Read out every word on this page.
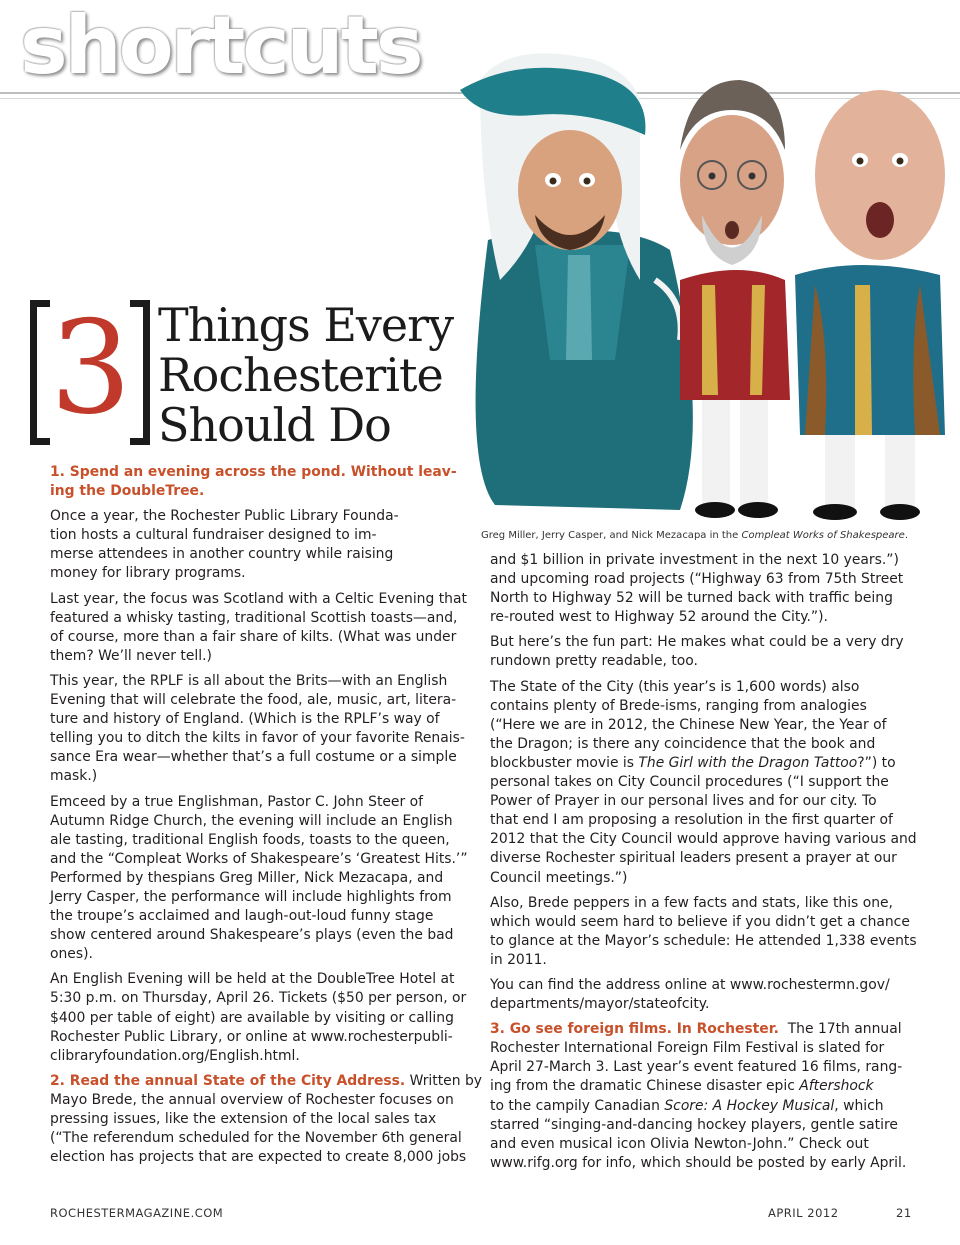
shortcuts
Greg Miller, Jerry Casper, and Nick Mezacapa in the Compleat Works of Shakespeare.
3 Things Every
Rochesterite
Should Do

1. Spend an evening across the pond. Without leav-
ing the DoubleTree.

Once a year, the Rochester Public Library Founda-
tion hosts a cultural fundraiser designed to im-
merse attendees in another country while raising
money for library programs.

Last year, the focus was Scotland with a Celtic Evening that
featured a whisky tasting, traditional Scottish toasts—and,
of course, more than a fair share of kilts. (What was under
them? We’ll never tell.)

This year, the RPLF is all about the Brits—with an English
Evening that will celebrate the food, ale, music, art, litera-
ture and history of England. (Which is the RPLF’s way of
telling you to ditch the kilts in favor of your favorite Renais-
sance Era wear—whether that’s a full costume or a simple
mask.)

Emceed by a true Englishman, Pastor C. John Steer of
Autumn Ridge Church, the evening will include an English
ale tasting, traditional English foods, toasts to the queen,
and the “Compleat Works of Shakespeare’s ‘Greatest Hits.’”
Performed by thespians Greg Miller, Nick Mezacapa, and
Jerry Casper, the performance will include highlights from
the troupe’s acclaimed and laugh-out-loud funny stage
show centered around Shakespeare’s plays (even the bad
ones).

An English Evening will be held at the DoubleTree Hotel at
5:30 p.m. on Thursday, April 26. Tickets ($50 per person, or
$400 per table of eight) are available by visiting or calling
Rochester Public Library, or online at www.rochesterpubli-
clibraryfoundation.org/English.html.

2. Read the annual State of the City Address. Written by
Mayo Brede, the annual overview of Rochester focuses on
pressing issues, like the extension of the local sales tax
(“The referendum scheduled for the November 6th general
election has projects that are expected to create 8,000 jobs

and $1 billion in private investment in the next 10 years.”)
and upcoming road projects (“Highway 63 from 75th Street
North to Highway 52 will be turned back with traffic being
re-routed west to Highway 52 around the City.”).

But here’s the fun part: He makes what could be a very dry
rundown pretty readable, too.

The State of the City (this year’s is 1,600 words) also
contains plenty of Brede-isms, ranging from analogies
(“Here we are in 2012, the Chinese New Year, the Year of
the Dragon; is there any coincidence that the book and
blockbuster movie is The Girl with the Dragon Tattoo?”) to
personal takes on City Council procedures (“I support the
Power of Prayer in our personal lives and for our city. To
that end I am proposing a resolution in the first quarter of
2012 that the City Council would approve having various and
diverse Rochester spiritual leaders present a prayer at our
Council meetings.”)

Also, Brede peppers in a few facts and stats, like this one,
which would seem hard to believe if you didn’t get a chance
to glance at the Mayor’s schedule: He attended 1,338 events
in 2011.

You can find the address online at www.rochestermn.gov/
departments/mayor/stateofcity.

3. Go see foreign films. In Rochester.  The 17th annual
Rochester International Foreign Film Festival is slated for
April 27-March 3. Last year’s event featured 16 films, rang-
ing from the dramatic Chinese disaster epic Aftershock
to the campily Canadian Score: A Hockey Musical, which
starred “singing-and-dancing hockey players, gentle satire
and even musical icon Olivia Newton-John.” Check out
www.rifg.org for info, which should be posted by early April.

ROCHESTERMAGAZINE.COM	APRIL 2012	21
